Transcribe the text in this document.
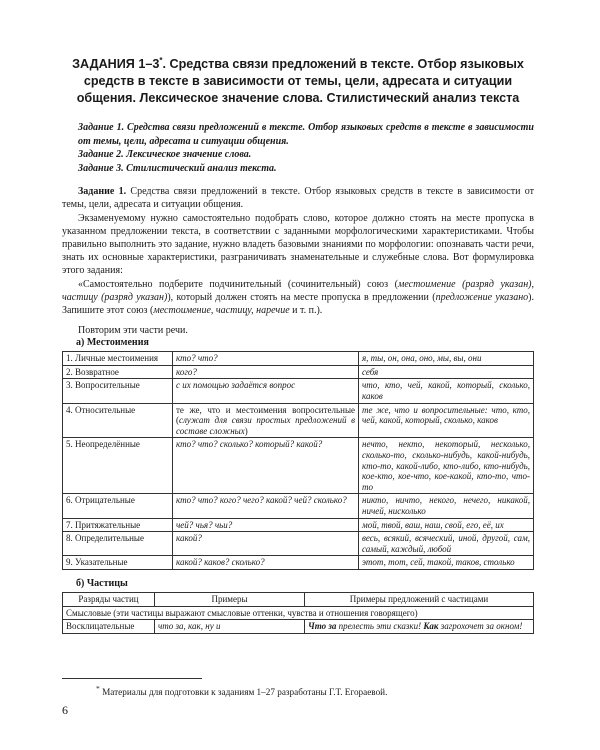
ЗАДАНИЯ 1–3*. Средства связи предложений в тексте. Отбор языковых средств в тексте в зависимости от темы, цели, адресата и ситуации общения. Лексическое значение слова. Стилистический анализ текста

Задание 1. Средства связи предложений в тексте. Отбор языковых средств в тексте в зависимости от темы, цели, адресата и ситуации общения.

Задание 2. Лексическое значение слова.

Задание 3. Стилистический анализ текста.

Задание 1. Средства связи предложений в тексте. Отбор языковых средств в тексте в зависимости от темы, цели, адресата и ситуации общения.

Экзаменуемому нужно самостоятельно подобрать слово, которое должно стоять на месте пропуска в указанном предложении текста, в соответствии с заданными морфологическими характеристиками. Чтобы правильно выполнить это задание, нужно владеть базовыми знаниями по морфологии: опознавать части речи, знать их основные характеристики, разграничивать знаменательные и служебные слова. Вот формулировка этого задания:

«Самостоятельно подберите подчинительный (сочинительный) союз (местоимение (разряд указан), частицу (разряд указан)), который должен стоять на месте пропуска в предложении (предложение указано). Запишите этот союз (местоимение, частицу, наречие и т. п.).

Повторим эти части речи.
а) Местоимения
1. Личные местоимения	кто? что?	я, ты, он, она, оно, мы, вы, они
2. Возвратное	кого?	себя
3. Вопросительные	с их помощью задаётся вопрос	что, кто, чей, какой, который, сколько, каков
4. Относительные	те же, что и местоимения вопросительные (служат для связи простых предложений в составе сложных)	те же, что и вопросительные: что, кто, чей, какой, который, сколько, каков
5. Неопределённые	кто? что? сколько? который? какой?	нечто, некто, некоторый, несколько, сколько-то, сколько-нибудь, какой-нибудь, кто-то, какой-либо, кто-либо, кто-нибудь, кое-кто, кое-что, кое-какой, кто-то, что-то
6. Отрицательные	кто? что? кого? чего? какой? чей? сколько?	никто, ничто, некого, нечего, никакой, ничей, нисколько
7. Притяжательные	чей? чья? чьи?	мой, твой, ваш, наш, свой, его, её, их
8. Определительные	какой?	весь, всякий, всяческий, иной, другой, сам, самый, каждый, любой
9. Указательные	какой? каков? сколько?	этот, тот, сей, такой, таков, столько
б) Частицы
Разряды частиц	Примеры	Примеры предложений с частицами
Смысловые (эти частицы выражают смысловые оттенки, чувства и отношения говорящего)		
Восклицательные	что за, как, ну и	Что за прелесть эти сказки! Как загрохочет за окном!
* Материалы для подготовки к заданиям 1–27 разработаны Г.Т. Егораевой.
6
